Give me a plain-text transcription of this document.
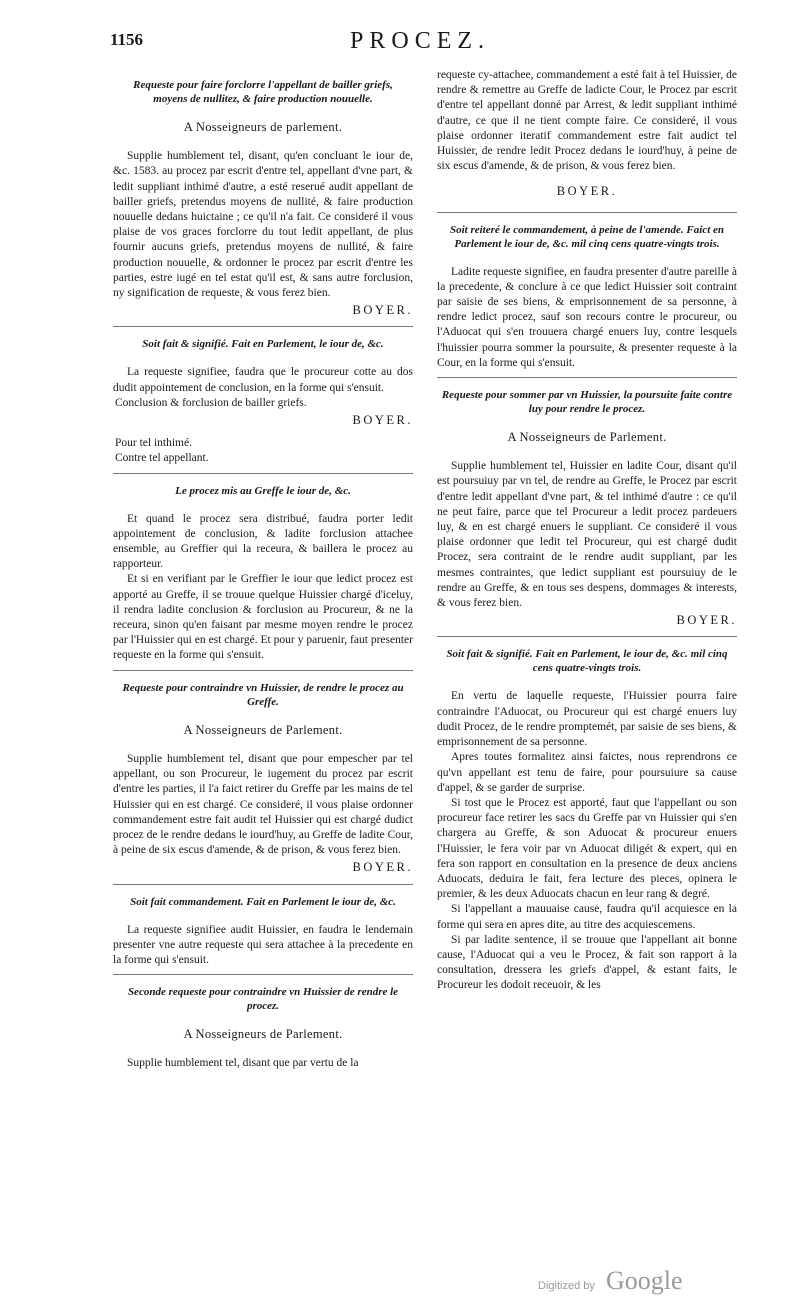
1156	PROCEZ.
Requeste pour faire forclorre l'appellant de bailler griefs, moyens de nullitez, & faire production nouuelle.
A Nosseigneurs de parlement.

Supplie humblement tel, disant, qu'en concluant le iour de, &c. 1583. au procez par escrit d'entre tel, appellant d'vne part, & ledit suppliant inthimé d'autre, a esté reserué audit appellant de bailler griefs, pretendus moyens de nullité, & faire production nouuelle dedans huictaine ; ce qu'il n'a fait. Ce consideré il vous plaise de vos graces forclorre du tout ledit appellant, de plus fournir aucuns griefs, pretendus moyens de nullité, & faire production nouuelle, & ordonner le procez par escrit d'entre les parties, estre iugé en tel estat qu'il est, & sans autre forclusion, ny signification de requeste, & vous ferez bien.

BOYER.
Soit fait & signifié. Fait en Parlement, le iour de, &c.

La requeste signifiee, faudra que le procureur cotte au dos dudit appointement de conclusion, en la forme qui s'ensuit.

Conclusion & forclusion de bailler griefs.
BOYER.
Pour tel inthimé.
Contre tel appellant.
Le procez mis au Greffe le iour de, &c.

Et quand le procez sera distribué, faudra porter ledit appointement de conclusion, & ladite forclusion attachee ensemble, au Greffier qui la receura, & baillera le procez au rapporteur.

Et si en verifiant par le Greffier le iour que ledict procez est apporté au Greffe, il se trouue quelque Huissier chargé d'iceluy, il rendra ladite conclusion & forclusion au Procureur, & ne la receura, sinon qu'en faisant par mesme moyen rendre le procez par l'Huissier qui en est chargé. Et pour y paruenir, faut presenter requeste en la forme qui s'ensuit.

Requeste pour contraindre vn Huissier, de rendre le procez au Greffe.
A Nosseigneurs de Parlement.

Supplie humblement tel, disant que pour empescher par tel appellant, ou son Procureur, le iugement du procez par escrit d'entre les parties, il l'a faict retirer du Greffe par les mains de tel Huissier qui en est chargé. Ce consideré, il vous plaise ordonner commandement estre fait audit tel Huissier qui est chargé dudict procez de le rendre dedans le iourd'huy, au Greffe de ladite Cour, à peine de six escus d'amende, & de prison, & vous ferez bien.

BOYER.
Soit fait commandement. Fait en Parlement le iour de, &c.

La requeste signifiee audit Huissier, en faudra le lendemain presenter vne autre requeste qui sera attachee à la precedente en la forme qui s'ensuit.

Seconde requeste pour contraindre vn Huissier de rendre le procez.
A Nosseigneurs de Parlement.

Supplie humblement tel, disant que par vertu de la

requeste cy-attachee, commandement a esté fait à tel Huissier, de rendre & remettre au Greffe de ladicte Cour, le Procez par escrit d'entre tel appellant donné par Arrest, & ledit suppliant inthimé d'autre, ce que il ne tient compte faire. Ce consideré, il vous plaise ordonner iteratif commandement estre fait audict tel Huissier, de rendre ledit Procez dedans le iourd'huy, à peine de six escus d'amende, & de prison, & vous ferez bien.

BOYER.
Soit reiteré le commandement, à peine de l'amende. Faict en Parlement le iour de, &c. mil cinq cens quatre-vingts trois.

Ladite requeste signifiee, en faudra presenter d'autre pareille à la precedente, & conclure à ce que ledict Huissier soit contraint par saisie de ses biens, & emprisonnement de sa personne, à rendre ledict procez, sauf son recours contre le procureur, ou l'Aduocat qui s'en trouuera chargé enuers luy, contre lesquels l'huissier pourra sommer la poursuite, & presenter requeste à la Cour, en la forme qui s'ensuit.

Requeste pour sommer par vn Huissier, la poursuite faite contre luy pour rendre le procez.
A Nosseigneurs de Parlement.

Supplie humblement tel, Huissier en ladite Cour, disant qu'il est poursuiuy par vn tel, de rendre au Greffe, le Procez par escrit d'entre ledit appellant d'vne part, & tel inthimé d'autre : ce qu'il ne peut faire, parce que tel Procureur a ledit procez pardeuers luy, & en est chargé enuers le suppliant. Ce consideré il vous plaise ordonner que ledit tel Procureur, qui est chargé dudit Procez, sera contraint de le rendre audit suppliant, par les mesmes contraintes, que ledict suppliant est poursuiuy de le rendre au Greffe, & en tous ses despens, dommages & interests, & vous ferez bien.

BOYER.
Soit fait & signifié. Fait en Parlement, le iour de, &c. mil cinq cens quatre-vingts trois.

En vertu de laquelle requeste, l'Huissier pourra faire contraindre l'Aduocat, ou Procureur qui est chargé enuers luy dudit Procez, de le rendre promptemét, par saisie de ses biens, & emprisonnement de sa personne.

Apres toutes formalitez ainsi faictes, nous reprendrons ce qu'vn appellant est tenu de faire, pour poursuiure sa cause d'appel, & se garder de surprise.

Si tost que le Procez est apporté, faut que l'appellant ou son procureur face retirer les sacs du Greffe par vn Huissier qui s'en chargera au Greffe, & son Aduocat & procureur enuers l'Huissier, le fera voir par vn Aduocat diligét & expert, qui en fera son rapport en consultation en la presence de deux anciens Aduocats, deduira le fait, fera lecture des pieces, opinera le premier, & les deux Aduocats chacun en leur rang & degré.

Si l'appellant a mauuaise cause, faudra qu'il acquiesce en la forme qui sera en apres dite, au titre des acquiescemens.

Si par ladite sentence, il se trouue que l'appellant ait bonne cause, l'Aduocat qui a veu le Procez, & fait son rapport à la consultation, dressera les griefs d'appel, & estant faits, le Procureur les dodoit receuoir, & les

Digitized by Google
